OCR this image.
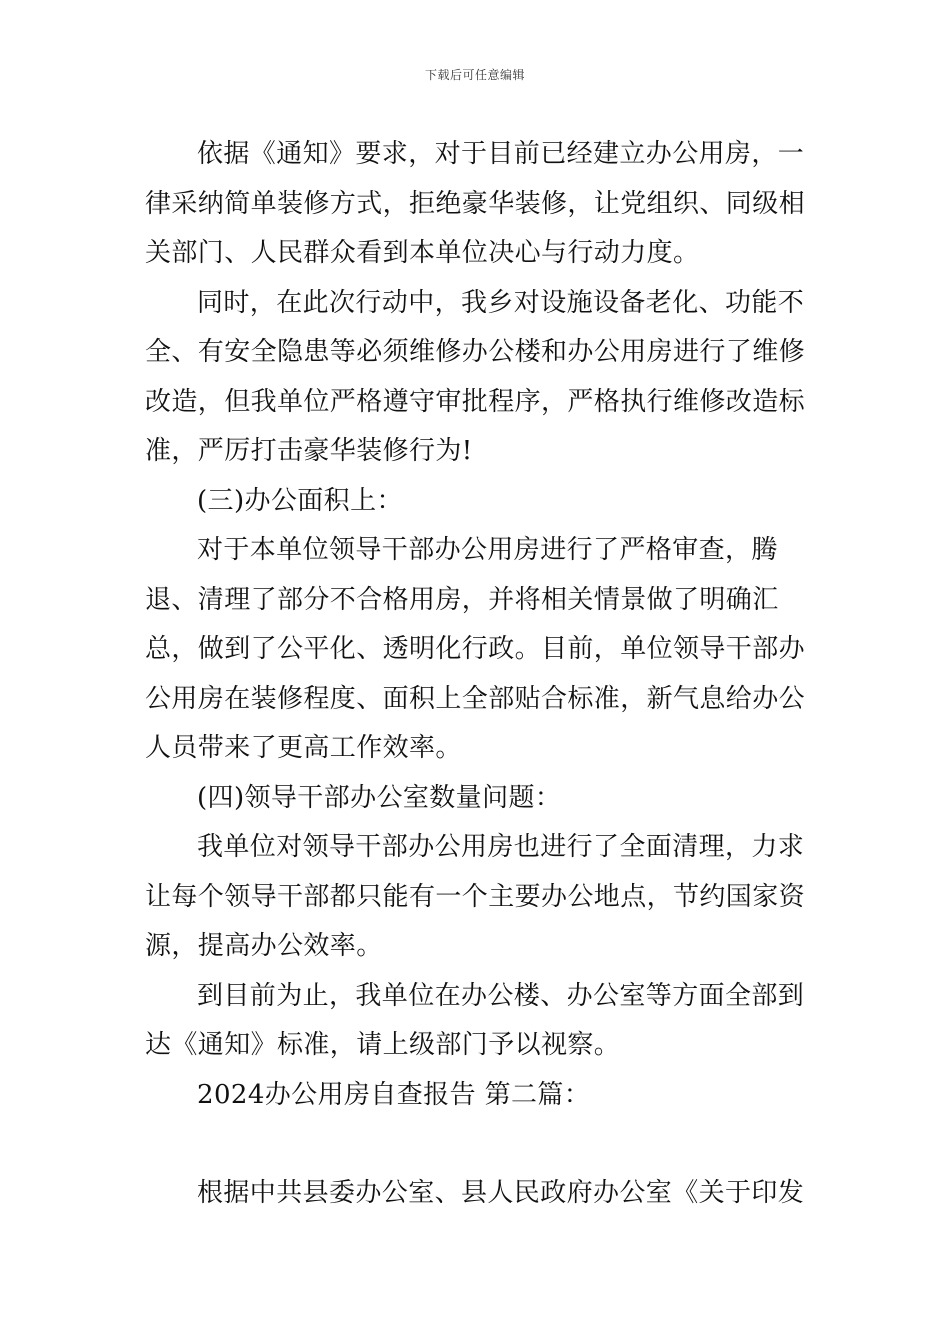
下载后可任意编辑

依据《通知》要求，对于目前已经建立办公用房，一律采纳简单装修方式，拒绝豪华装修，让党组织、同级相关部门、人民群众看到本单位决心与行动力度。

同时，在此次行动中，我乡对设施设备老化、功能不全、有安全隐患等必须维修办公楼和办公用房进行了维修改造，但我单位严格遵守审批程序，严格执行维修改造标准，严厉打击豪华装修行为!

(三)办公面积上：

对于本单位领导干部办公用房进行了严格审查，腾退、清理了部分不合格用房，并将相关情景做了明确汇总，做到了公平化、透明化行政。目前，单位领导干部办公用房在装修程度、面积上全部贴合标准，新气息给办公人员带来了更高工作效率。

(四)领导干部办公室数量问题：

我单位对领导干部办公用房也进行了全面清理，力求让每个领导干部都只能有一个主要办公地点，节约国家资源，提高办公效率。

到目前为止，我单位在办公楼、办公室等方面全部到达《通知》标准，请上级部门予以视察。

2024办公用房自查报告 第二篇：

根据中共县委办公室、县人民政府办公室《关于印发
